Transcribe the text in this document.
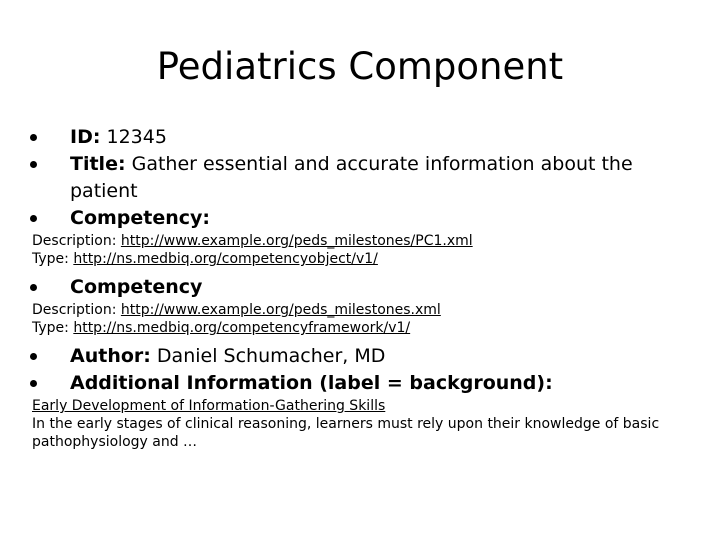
Pediatrics Component
ID: 12345
Title: Gather essential and accurate information about the patient
Competency:
Description: http://www.example.org/peds_milestones/PC1.xml
Type: http://ns.medbiq.org/competencyobject/v1/
Competency
Description: http://www.example.org/peds_milestones.xml
Type: http://ns.medbiq.org/competencyframework/v1/
Author: Daniel Schumacher, MD
Additional Information (label = background):
Early Development of Information-Gathering Skills
In the early stages of clinical reasoning, learners must rely upon their knowledge of basic pathophysiology and …
